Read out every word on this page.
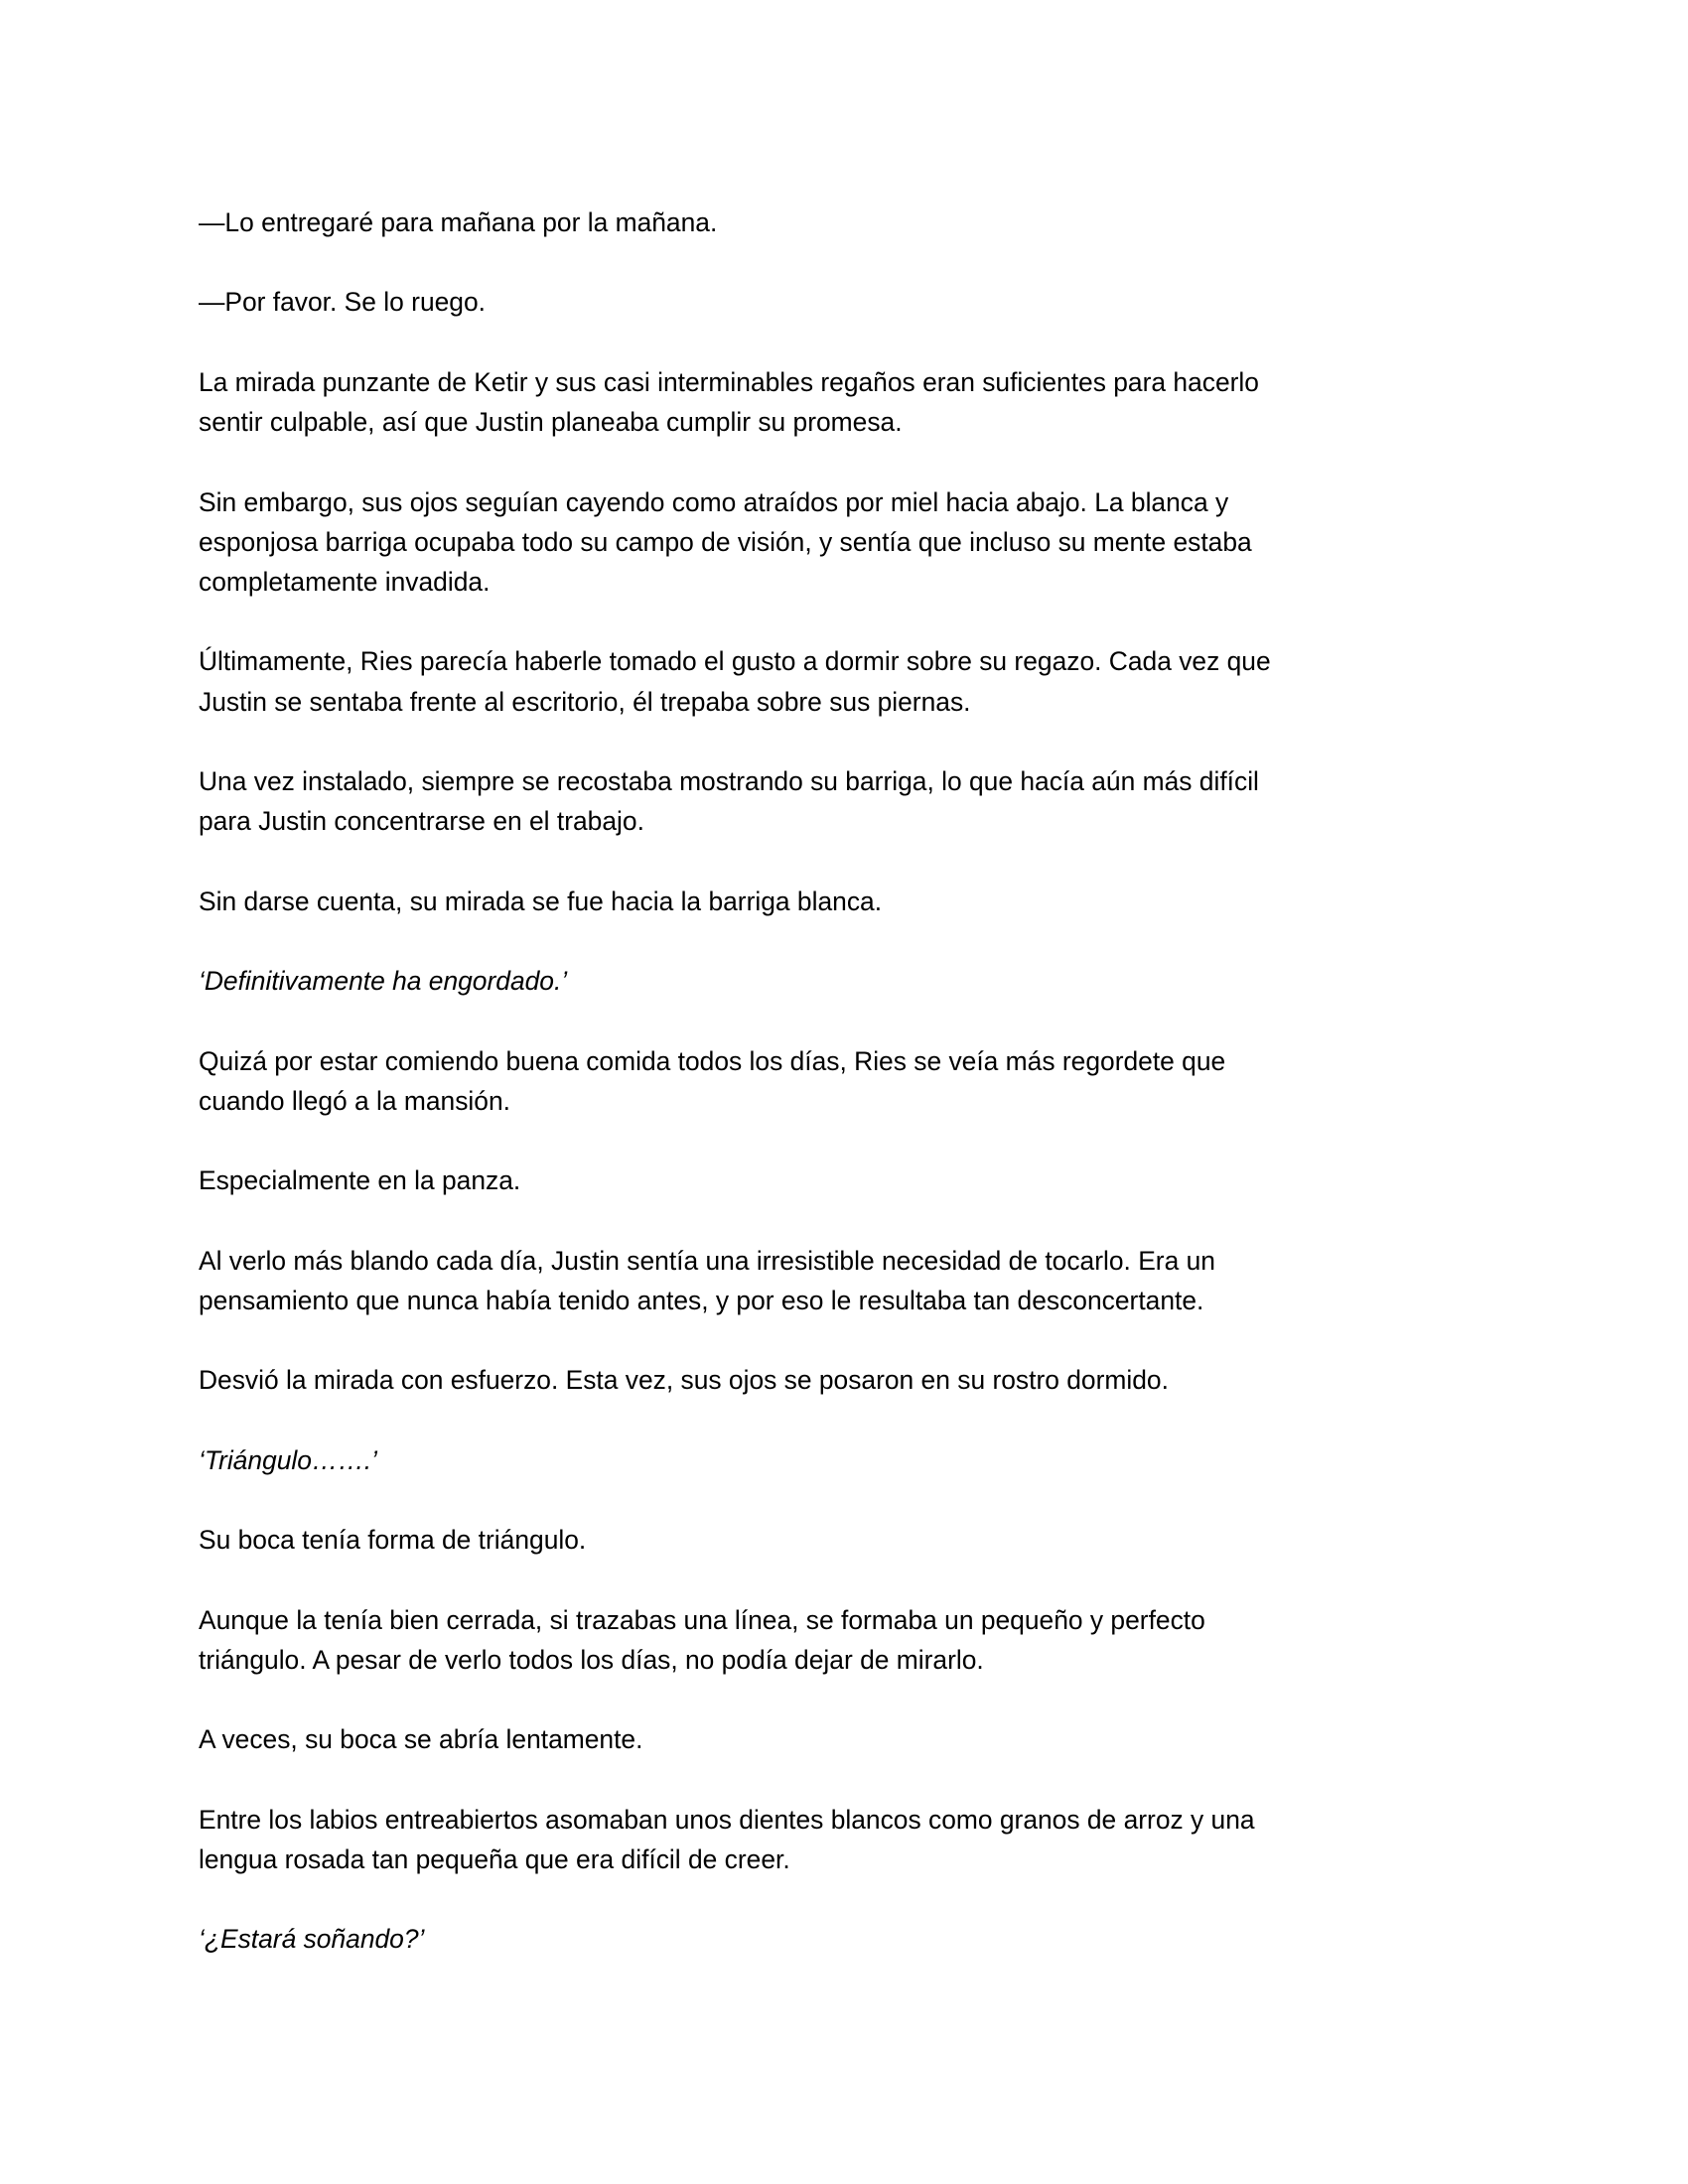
—Lo entregaré para mañana por la mañana.

—Por favor. Se lo ruego.

La mirada punzante de Ketir y sus casi interminables regaños eran suficientes para hacerlo
sentir culpable, así que Justin planeaba cumplir su promesa.

Sin embargo, sus ojos seguían cayendo como atraídos por miel hacia abajo. La blanca y
esponjosa barriga ocupaba todo su campo de visión, y sentía que incluso su mente estaba
completamente invadida.

Últimamente, Ries parecía haberle tomado el gusto a dormir sobre su regazo. Cada vez que
Justin se sentaba frente al escritorio, él trepaba sobre sus piernas.

Una vez instalado, siempre se recostaba mostrando su barriga, lo que hacía aún más difícil
para Justin concentrarse en el trabajo.

Sin darse cuenta, su mirada se fue hacia la barriga blanca.

‘Definitivamente ha engordado.’

Quizá por estar comiendo buena comida todos los días, Ries se veía más regordete que
cuando llegó a la mansión.

Especialmente en la panza.

Al verlo más blando cada día, Justin sentía una irresistible necesidad de tocarlo. Era un
pensamiento que nunca había tenido antes, y por eso le resultaba tan desconcertante.

Desvió la mirada con esfuerzo. Esta vez, sus ojos se posaron en su rostro dormido.

‘Triángulo…….’

Su boca tenía forma de triángulo.

Aunque la tenía bien cerrada, si trazabas una línea, se formaba un pequeño y perfecto
triángulo. A pesar de verlo todos los días, no podía dejar de mirarlo.

A veces, su boca se abría lentamente.

Entre los labios entreabiertos asomaban unos dientes blancos como granos de arroz y una
lengua rosada tan pequeña que era difícil de creer.

‘¿Estará soñando?’
